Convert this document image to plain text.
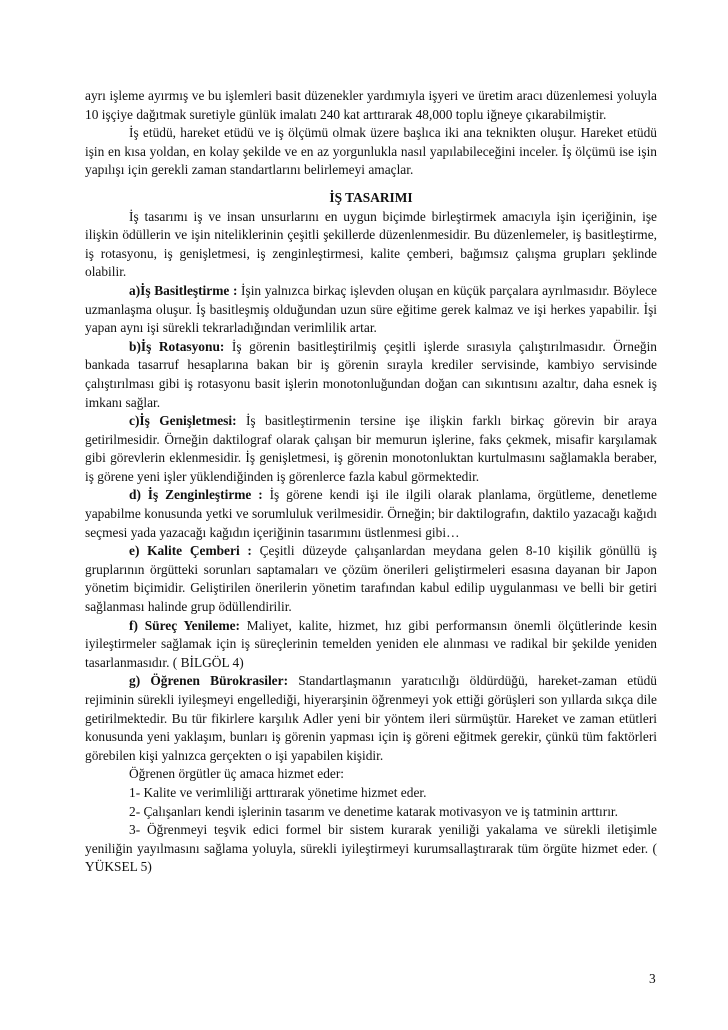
ayrı işleme ayırmış ve bu işlemleri basit düzenekler yardımıyla işyeri ve üretim aracı düzenlemesi yoluyla 10 işçiye dağıtmak suretiyle günlük imalatı 240 kat arttırarak 48,000 toplu iğneye çıkarabilmiştir.

İş etüdü, hareket etüdü ve iş ölçümü olmak üzere başlıca iki ana teknikten oluşur. Hareket etüdü işin en kısa yoldan, en kolay şekilde ve en az yorgunlukla nasıl yapılabileceğini inceler. İş ölçümü ise işin yapılışı için gerekli zaman standartlarını belirlemeyi amaçlar.

İŞ TASARIMI

İş tasarımı iş ve insan unsurlarını en uygun biçimde birleştirmek amacıyla işin içeriğinin, işe ilişkin ödüllerin ve işin niteliklerinin çeşitli şekillerde düzenlenmesidir. Bu düzenlemeler, iş basitleştirme, iş rotasyonu, iş genişletmesi, iş zenginleştirmesi, kalite çemberi, bağımsız çalışma grupları şeklinde olabilir.

a)İş Basitleştirme : İşin yalnızca birkaç işlevden oluşan en küçük parçalara ayrılmasıdır. Böylece uzmanlaşma oluşur. İş basitleşmiş olduğundan uzun süre eğitime gerek kalmaz ve işi herkes yapabilir. İşi yapan aynı işi sürekli tekrarladığından verimlilik artar.

b)İş Rotasyonu: İş görenin basitleştirilmiş çeşitli işlerde sırasıyla çalıştırılmasıdır. Örneğin bankada tasarruf hesaplarına bakan bir iş görenin sırayla krediler servisinde, kambiyo servisinde çalıştırılması gibi iş rotasyonu basit işlerin monotonluğundan doğan can sıkıntısını azaltır, daha esnek iş imkanı sağlar.

c)İş Genişletmesi: İş basitleştirmenin tersine işe ilişkin farklı birkaç görevin bir araya getirilmesidir. Örneğin daktilograf olarak çalışan bir memurun işlerine, faks çekmek, misafir karşılamak gibi görevlerin eklenmesidir. İş genişletmesi, iş görenin monotonluktan kurtulmasını sağlamakla beraber, iş görene yeni işler yüklendiğinden iş görenlerce fazla kabul görmektedir.

d) İş Zenginleştirme : İş görene kendi işi ile ilgili olarak planlama, örgütleme, denetleme yapabilme konusunda yetki ve sorumluluk verilmesidir. Örneğin; bir daktilografın, daktilo yazacağı kağıdı seçmesi yada yazacağı kağıdın içeriğinin tasarımını üstlenmesi gibi…

e) Kalite Çemberi : Çeşitli düzeyde çalışanlardan meydana gelen 8-10 kişilik gönüllü iş gruplarının örgütteki sorunları saptamaları ve çözüm önerileri geliştirmeleri esasına dayanan bir Japon yönetim biçimidir. Geliştirilen önerilerin yönetim tarafından kabul edilip uygulanması ve belli bir getiri sağlanması halinde grup ödüllendirilir.

f) Süreç Yenileme: Maliyet, kalite, hizmet, hız gibi performansın önemli ölçütlerinde kesin iyileştirmeler sağlamak için iş süreçlerinin temelden yeniden ele alınması ve radikal bir şekilde yeniden tasarlanmasıdır. ( BİLGÖL 4)

g) Öğrenen Bürokrasiler: Standartlaşmanın yaratıcılığı öldürdüğü, hareket-zaman etüdü rejiminin sürekli iyileşmeyi engellediği, hiyerarşinin öğrenmeyi yok ettiği görüşleri son yıllarda sıkça dile getirilmektedir. Bu tür fikirlere karşılık Adler yeni bir yöntem ileri sürmüştür. Hareket ve zaman etütleri konusunda yeni yaklaşım, bunları iş görenin yapması için iş göreni eğitmek gerekir, çünkü tüm faktörleri görebilen kişi yalnızca gerçekten o işi yapabilen kişidir.

Öğrenen örgütler üç amaca hizmet eder:

1- Kalite ve verimliliği arttırarak yönetime hizmet eder.

2- Çalışanları kendi işlerinin tasarım ve denetime katarak motivasyon ve iş tatminin arttırır.

3- Öğrenmeyi teşvik edici formel bir sistem kurarak yeniliği yakalama ve sürekli iletişimle yeniliğin yayılmasını sağlama yoluyla, sürekli iyileştirmeyi kurumsallaştırarak tüm örgüte hizmet eder. ( YÜKSEL 5)

3
